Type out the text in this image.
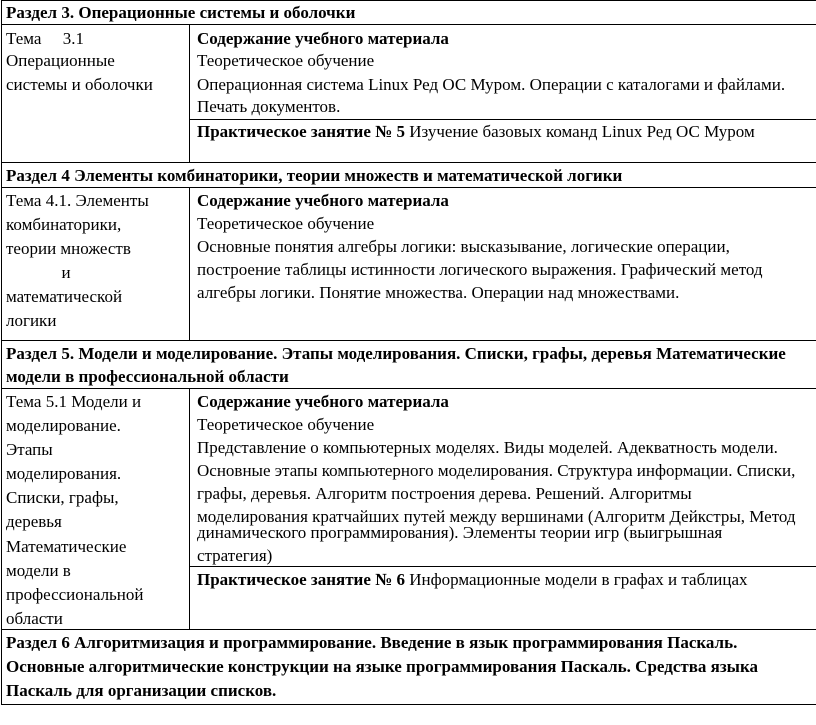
Раздел 3. Операционные системы и оболочки
Тема     3.1
Операционные
системы и оболочки
Содержание учебного материала
Теоретическое обучение
Операционная система Linux Ред ОС Муром. Операции с каталогами и файлами.
Печать документов.
Практическое занятие № 5 Изучение базовых команд Linux Ред ОС Муром
Раздел 4 Элементы комбинаторики, теории множеств и математической логики
Тема 4.1. Элементы
комбинаторики,
теории множеств
и
математической
логики
Содержание учебного материала
Теоретическое обучение
Основные понятия алгебры логики: высказывание, логические операции,
построение таблицы истинности логического выражения. Графический метод
алгебры логики. Понятие множества. Операции над множествами.
Раздел 5. Модели и моделирование. Этапы моделирования. Списки, графы, деревья Математические
модели в профессиональной области
Тема 5.1 Модели и
моделирование.
Этапы
моделирования.
Списки, графы,
деревья
Математические
модели в
профессиональной
области
Содержание учебного материала
Теоретическое обучение
Представление о компьютерных моделях. Виды моделей. Адекватность модели.
Основные этапы компьютерного моделирования. Структура информации. Списки,
графы, деревья. Алгоритм построения дерева. Решений. Алгоритмы
моделирования кратчайших путей между вершинами (Алгоритм Дейкстры, Метод
динамического программирования). Элементы теории игр (выигрышная
стратегия)
Практическое занятие № 6 Информационные модели в графах и таблицах
Раздел 6 Алгоритмизация и программирование. Введение в язык программирования Паскаль.
Основные алгоритмические конструкции на языке программирования Паскаль. Средства языка
Паскаль для организации списков.
